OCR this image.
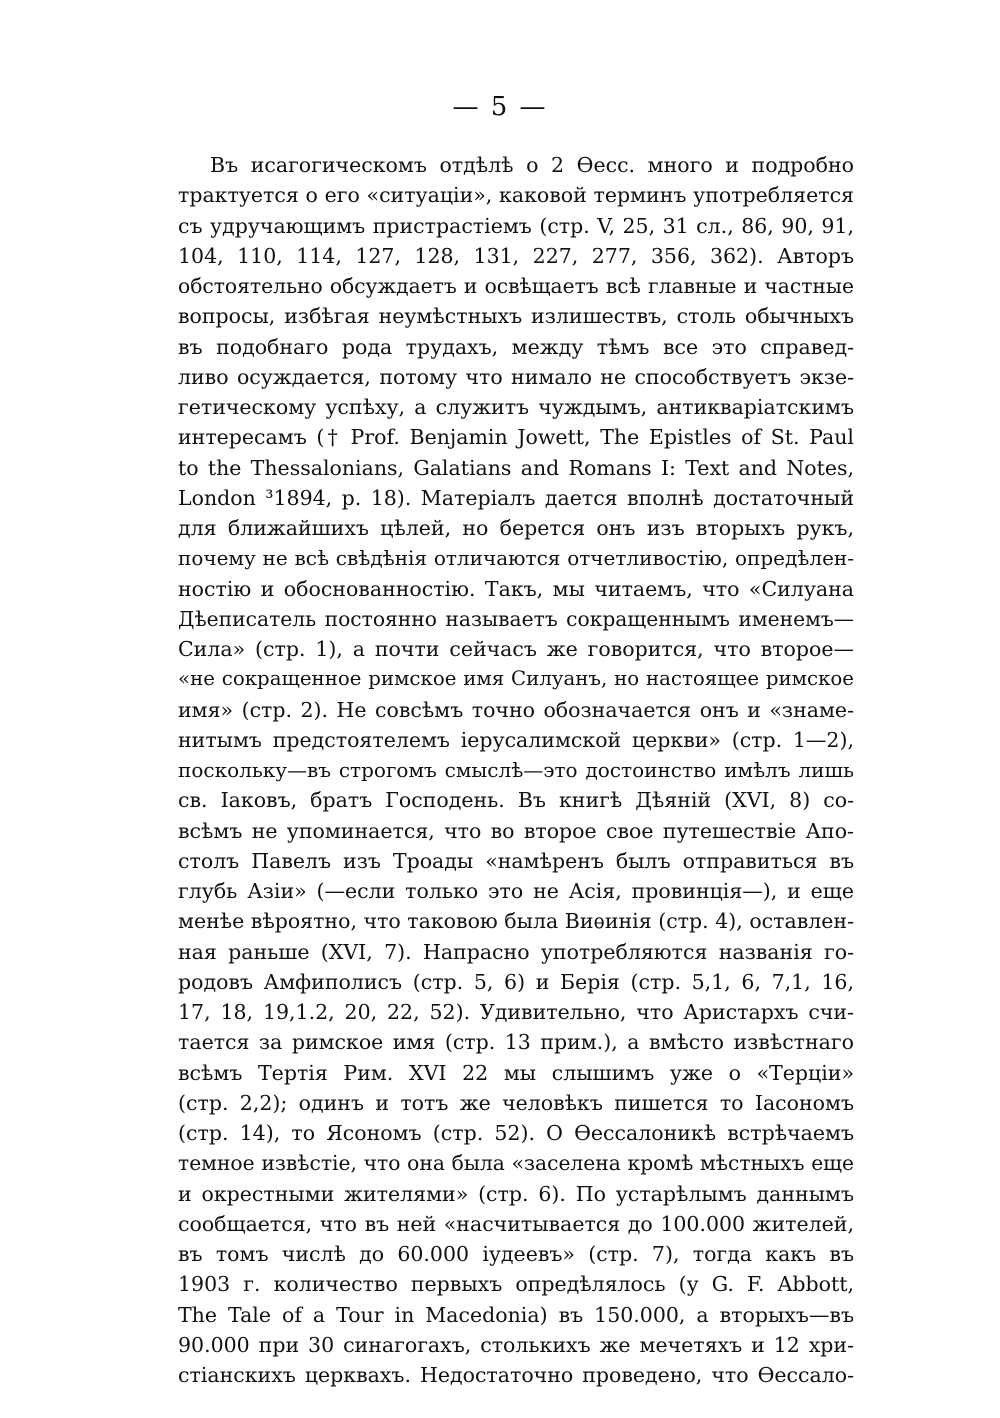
— 5 —
Въ исагогическомъ отдѣлѣ о 2 Ѳесс. много и подробно
трактуется о его «ситуаціи», каковой терминъ употребляется
съ удручающимъ пристрастіемъ (стр. V, 25, 31 сл., 86, 90, 91,
104, 110, 114, 127, 128, 131, 227, 277, 356, 362). Авторъ
обстоятельно обсуждаетъ и освѣщаетъ всѣ главные и частные
вопросы, избѣгая неумѣстныхъ излишествъ, столь обычныхъ
въ подобнаго рода трудахъ, между тѣмъ все это справед-
ливо осуждается, потому что нимало не способствуетъ экзе-
гетическому успѣху, а служитъ чуждымъ, антикваріатскимъ
интересамъ († Prof. Benjamin Jowett, The Epistles of St. Paul
to the Thessalonians, Galatians and Romans I: Text and Notes,
London ³1894, p. 18). Матеріалъ дается вполнѣ достаточный
для ближайшихъ цѣлей, но берется онъ изъ вторыхъ рукъ,
почему не всѣ свѣдѣнія отличаются отчетливостію, опредѣлен-
ностію и обоснованностію. Такъ, мы читаемъ, что «Силуана
Дѣеписатель постоянно называетъ сокращеннымъ именемъ—
Сила» (стр. 1), а почти сейчасъ же говорится, что второе—
«не сокращенное римское имя Силуанъ, но настоящее римское
имя» (стр. 2). Не совсѣмъ точно обозначается онъ и «знаме-
нитымъ предстоятелемъ іерусалимской церкви» (стр. 1—2),
поскольку—въ строгомъ смыслѣ—это достоинство имѣлъ лишь
св. Іаковъ, братъ Господень. Въ книгѣ Дѣяній (XVI, 8) со-
всѣмъ не упоминается, что во второе свое путешествіе Апо-
столъ Павелъ изъ Троады «намѣренъ былъ отправиться въ
глубь Азіи» (—если только это не Асія, провинція—), и еще
менѣе вѣроятно, что таковою была Виѳинія (стр. 4), оставлен-
ная раньше (XVI, 7). Напрасно употребляются названія го-
родовъ Амфиполисъ (стр. 5, 6) и Берія (стр. 5,1, 6, 7,1, 16,
17, 18, 19,1.2, 20, 22, 52). Удивительно, что Аристархъ счи-
тается за римское имя (стр. 13 прим.), а вмѣсто извѣстнаго
всѣмъ Тертія Рим. XVI 22 мы слышимъ уже о «Терціи»
(стр. 2,2); одинъ и тотъ же человѣкъ пишется то Іасономъ
(стр. 14), то Ясономъ (стр. 52). О Ѳессалоникѣ встрѣчаемъ
темное извѣстіе, что она была «заселена кромѣ мѣстныхъ еще
и окрестными жителями» (стр. 6). По устарѣлымъ даннымъ
сообщается, что въ ней «насчитывается до 100.000 жителей,
въ томъ числѣ до 60.000 іудеевъ» (стр. 7), тогда какъ въ
1903 г. количество первыхъ опредѣлялось (у G. F. Abbott,
The Tale of a Tour in Macedonia) въ 150.000, а вторыхъ—въ
90.000 при 30 синагогахъ, столькихъ же мечетяхъ и 12 хри-
стіанскихъ церквахъ. Недостаточно проведено, что Ѳессало-
